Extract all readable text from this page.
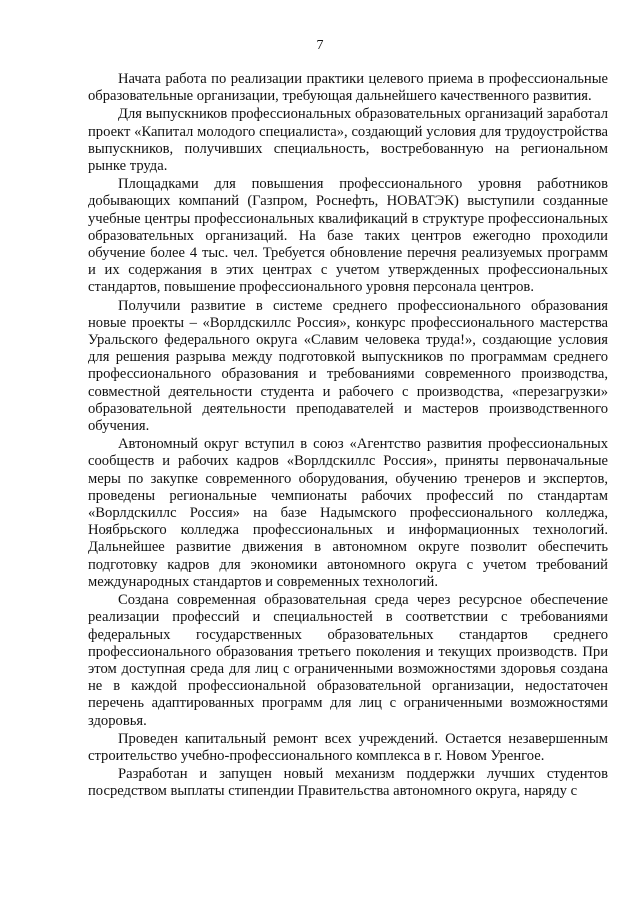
7

Начата работа по реализации практики целевого приема в профессиональные образовательные организации, требующая дальнейшего качественного развития.

Для выпускников профессиональных образовательных организаций заработал проект «Капитал молодого специалиста», создающий условия для трудоустройства выпускников, получивших специальность, востребованную на региональном рынке труда.

Площадками для повышения профессионального уровня работников добывающих компаний (Газпром, Роснефть, НОВАТЭК) выступили созданные учебные центры профессиональных квалификаций в структуре профессиональных образовательных организаций. На базе таких центров ежегодно проходили обучение более 4 тыс. чел. Требуется обновление перечня реализуемых программ и их содержания в этих центрах с учетом утвержденных профессиональных стандартов, повышение профессионального уровня персонала центров.

Получили развитие в системе среднего профессионального образования новые проекты – «Ворлдскиллс Россия», конкурс профессионального мастерства Уральского федерального округа «Славим человека труда!», создающие условия для решения разрыва между подготовкой выпускников по программам среднего профессионального образования и требованиями современного производства, совместной деятельности студента и рабочего с производства, «перезагрузки» образовательной деятельности преподавателей и мастеров производственного обучения.

Автономный округ вступил в союз «Агентство развития профессиональных сообществ и рабочих кадров «Ворлдскиллс Россия», приняты первоначальные меры по закупке современного оборудования, обучению тренеров и экспертов, проведены региональные чемпионаты рабочих профессий по стандартам «Ворлдскиллс Россия» на базе Надымского профессионального колледжа, Ноябрьского колледжа профессиональных и информационных технологий. Дальнейшее развитие движения в автономном округе позволит обеспечить подготовку кадров для экономики автономного округа с учетом требований международных стандартов и современных технологий.

Создана современная образовательная среда через ресурсное обеспечение реализации профессий и специальностей в соответствии с требованиями федеральных государственных образовательных стандартов среднего профессионального образования третьего поколения и текущих производств. При этом доступная среда для лиц с ограниченными возможностями здоровья создана не в каждой профессиональной образовательной организации, недостаточен перечень адаптированных программ для лиц с ограниченными возможностями здоровья.

Проведен капитальный ремонт всех учреждений. Остается незавершенным строительство учебно-профессионального комплекса в г. Новом Уренгое.

Разработан и запущен новый механизм поддержки лучших студентов посредством выплаты стипендии Правительства автономного округа, наряду с
